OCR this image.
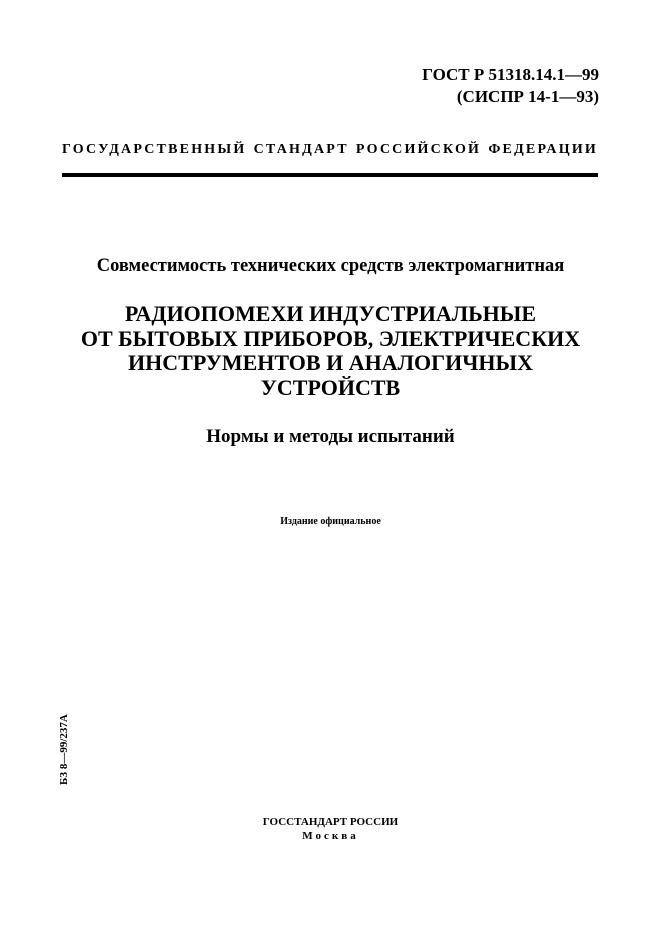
ГОСТ Р 51318.14.1—99
(СИСПР 14-1—93)
ГОСУДАРСТВЕННЫЙ СТАНДАРТ РОССИЙСКОЙ ФЕДЕРАЦИИ
Совместимость технических средств электромагнитная
РАДИОПОМЕХИ ИНДУСТРИАЛЬНЫЕ
ОТ БЫТОВЫХ ПРИБОРОВ, ЭЛЕКТРИЧЕСКИХ
ИНСТРУМЕНТОВ И АНАЛОГИЧНЫХ
УСТРОЙСТВ
Нормы и методы испытаний
Издание официальное
БЗ 8—99/237А
ГОССТАНДАРТ РОССИИ
Москва
